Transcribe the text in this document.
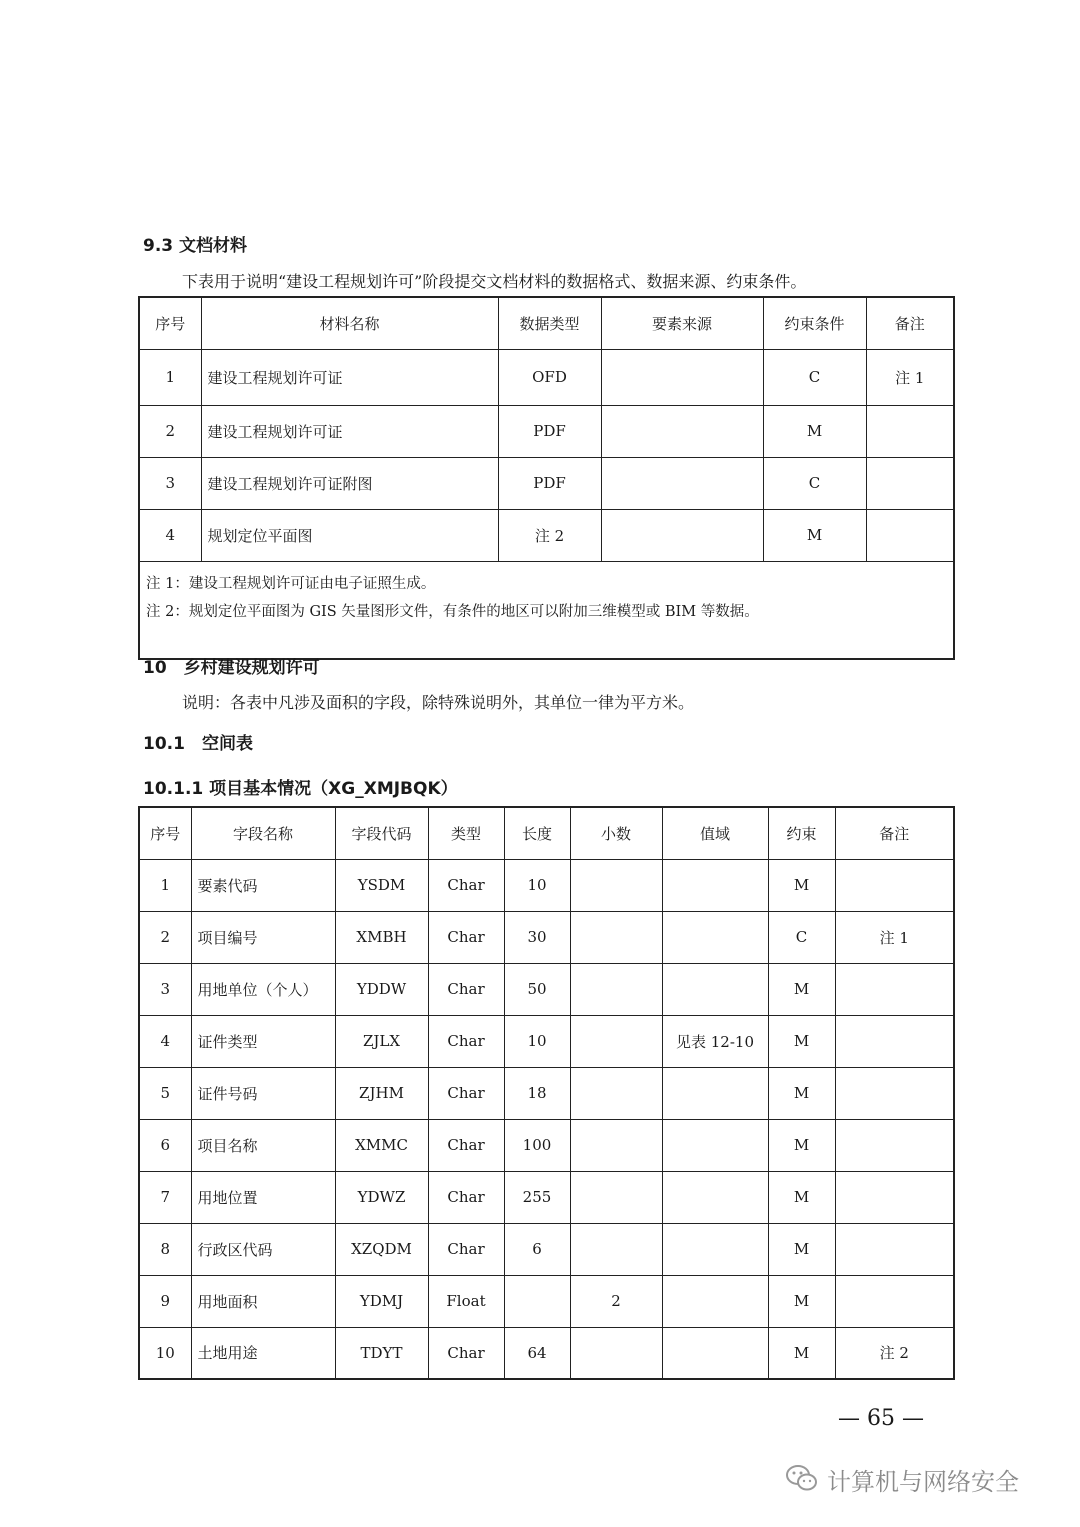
9.3 文档材料
下表用于说明“建设工程规划许可”阶段提交文档材料的数据格式、数据来源、约束条件。
序号	材料名称	数据类型	要素来源	约束条件	备注
1	建设工程规划许可证	OFD		C	注 1
2	建设工程规划许可证	PDF		M	
3	建设工程规划许可证附图	PDF		C	
4	规划定位平面图	注 2		M	

注 1：建设工程规划许可证由电子证照生成。
注 2：规划定位平面图为 GIS 矢量图形文件，有条件的地区可以附加三维模型或 BIM 等数据。					
10　乡村建设规划许可
说明：各表中凡涉及面积的字段，除特殊说明外，其单位一律为平方米。
10.1　空间表
10.1.1 项目基本情况（XG_XMJBQK）
序号	字段名称	字段代码	类型	长度	小数	值域	约束	备注
1	要素代码	YSDM	Char	10			M	
2	项目编号	XMBH	Char	30			C	注 1
3	用地单位（个人）	YDDW	Char	50			M	
4	证件类型	ZJLX	Char	10		见表 12-10	M	
5	证件号码	ZJHM	Char	18			M	
6	项目名称	XMMC	Char	100			M	
7	用地位置	YDWZ	Char	255			M	
8	行政区代码	XZQDM	Char	6			M	
9	用地面积	YDMJ	Float		2		M	
10	土地用途	TDYT	Char	64			M	注 2
— 65 —
计算机与网络安全
